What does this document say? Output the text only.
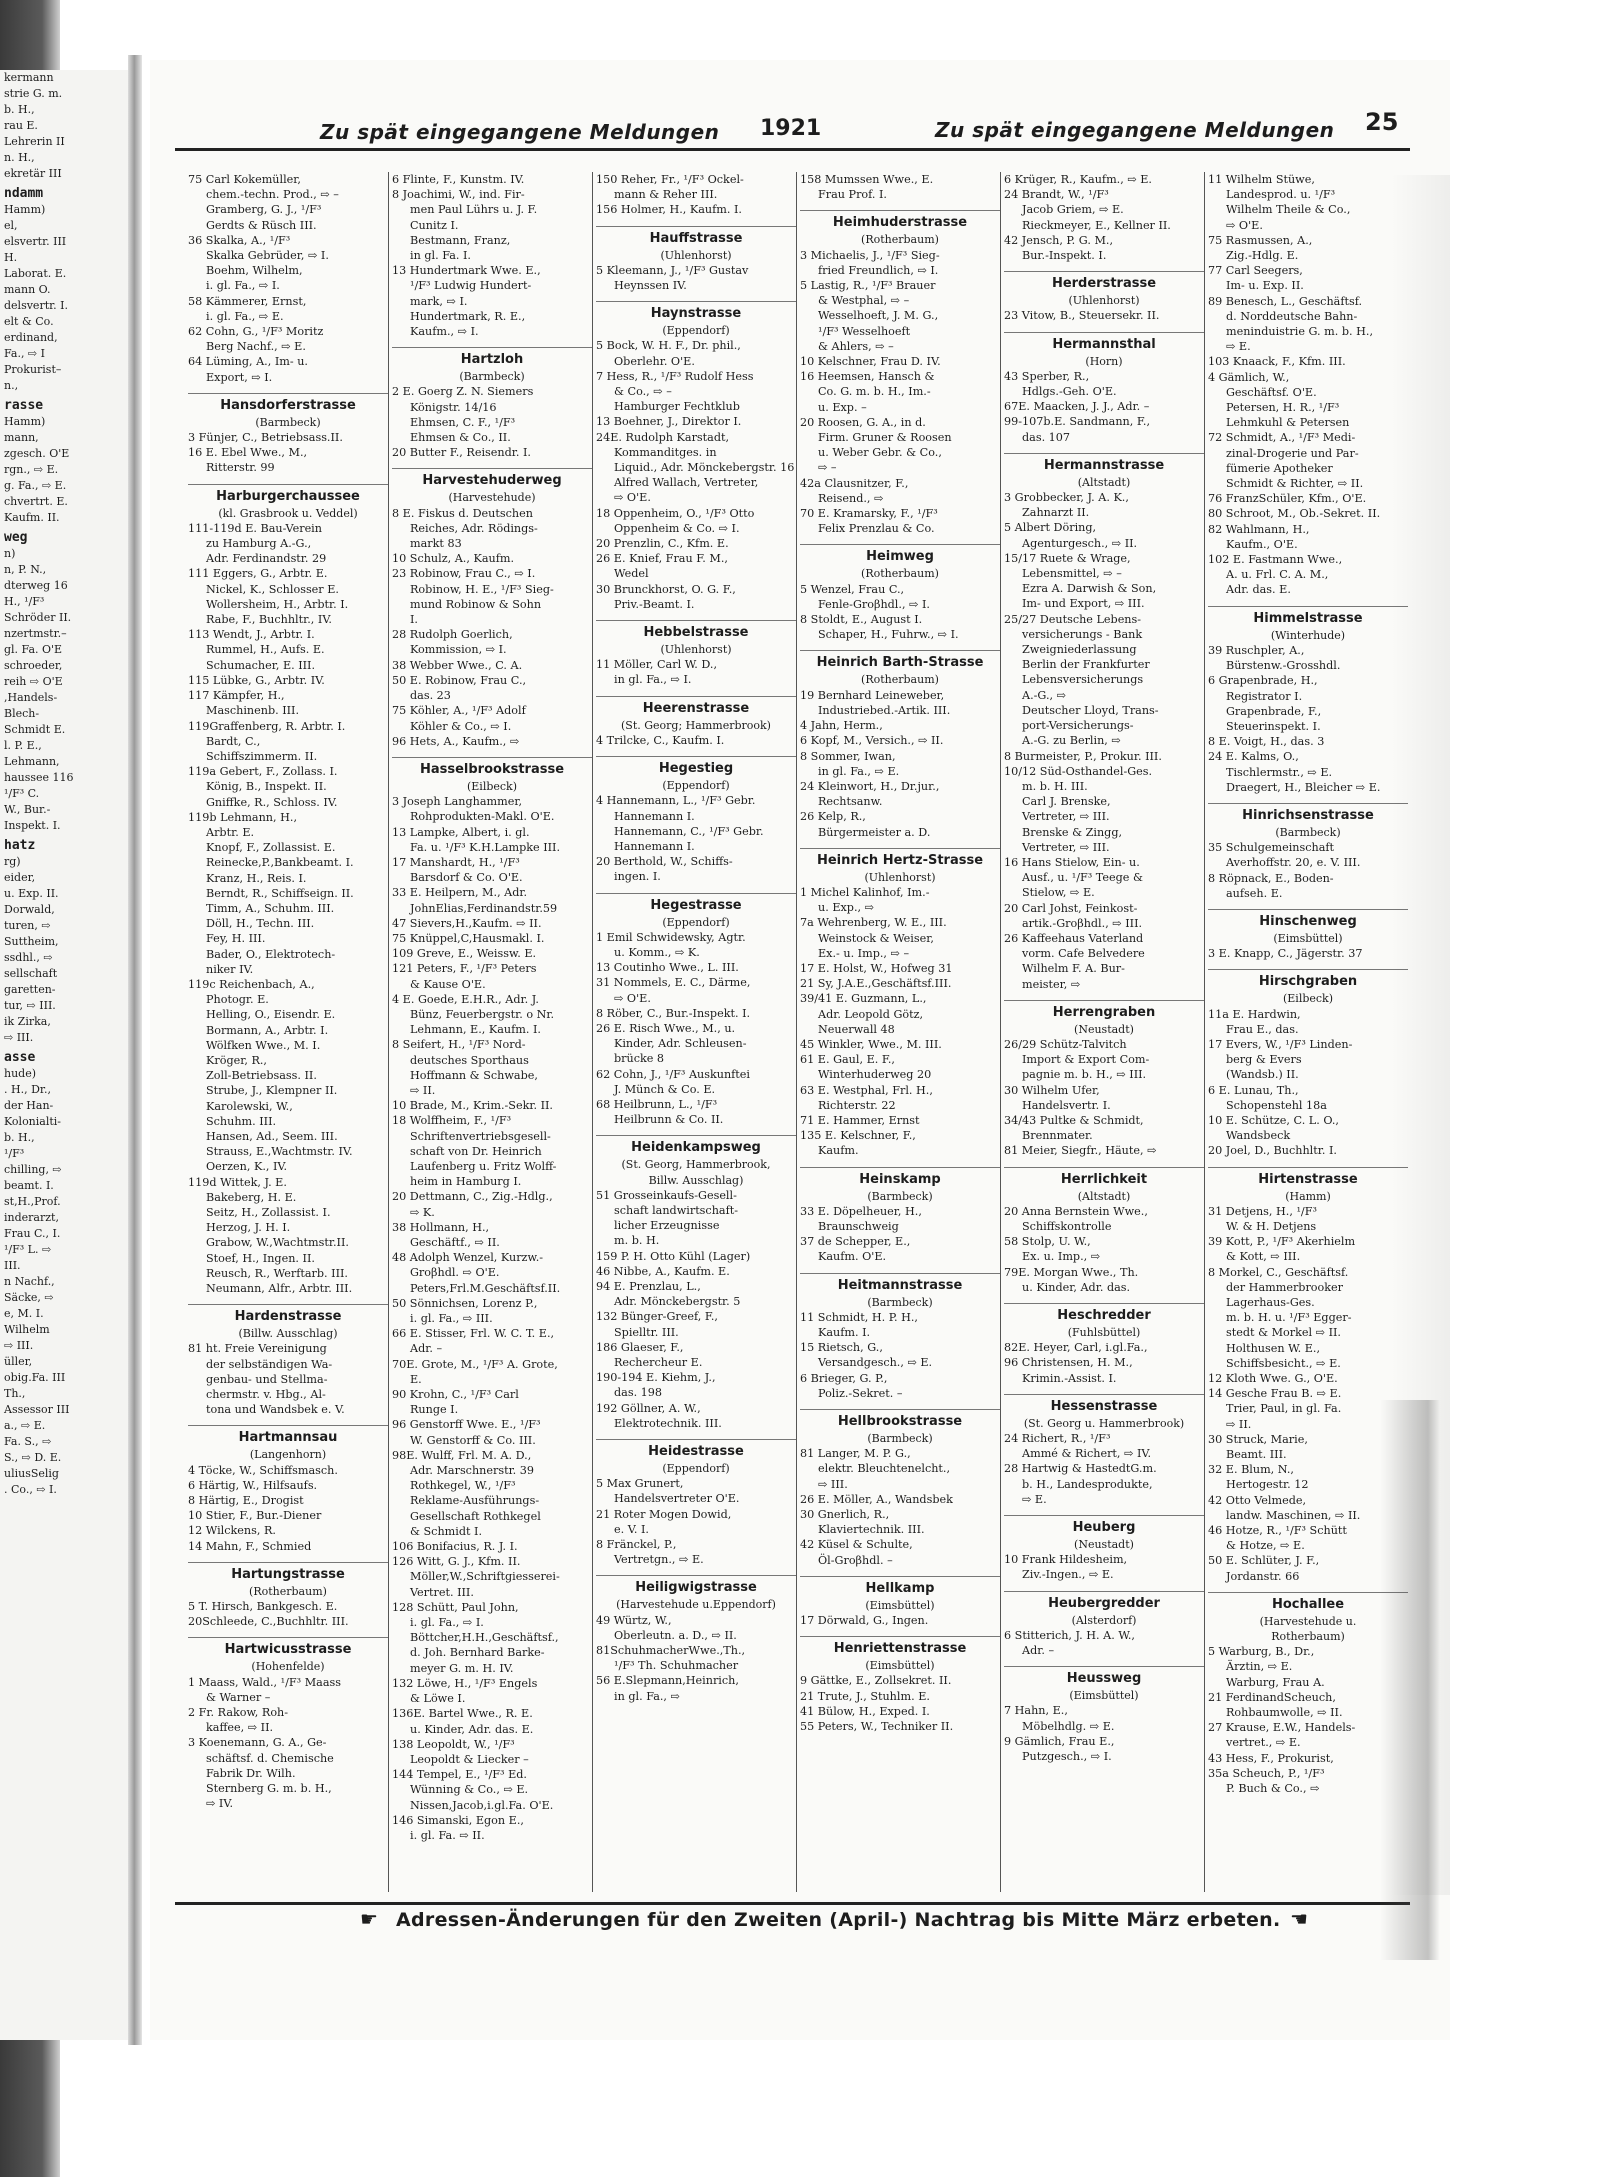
kermann
strie G. m.
b. H.,
rau E.
Lehrerin II
n. H.,
ekretär III
ndamm
Hamm)
el,
elsvertr. III
H.
Laborat. E.
mann O.
delsvertr. I.
elt & Co.
erdinand,
Fa., ⇨ I
Prokurist–
n.,
rasse
Hamm)
mann,
zgesch. O'E
rgn., ⇨ E.
g. Fa., ⇨ E.
chvertrt. E.
Kaufm. II.
weg
n)
n, P. N.,
dterweg 16
H., ¹/F³
Schröder II.
nzertmstr.–
gl. Fa. O'E
schroeder,
reih ⇨ O'E
,Handels-
Blech-
Schmidt E.
l. P. E.,
Lehmann,
haussee 116
¹/F³ C.
W., Bur.-
Inspekt. I.
hatz
rg)
eider,
u. Exp. II.
Dorwald,
turen, ⇨
Suttheim,
ssdhl., ⇨
sellschaft
garetten-
tur, ⇨ III.
ik Zirka,
⇨ III.
asse
hude)
. H., Dr.,
der Han-
Kolonialti-
b. H.,
¹/F³
chilling, ⇨
beamt. I.
st,H.,Prof.
inderarzt,
Frau C., I.
¹/F³ L. ⇨
III.
n Nachf.,
Säcke, ⇨
e, M. I.
Wilhelm
⇨ III.
üller,
obig.Fa. III
Th.,
Assessor III
a., ⇨ E.
Fa. S., ⇨
S., ⇨ D. E.
uliusSelig
. Co., ⇨ I.
Zu spät eingegangene Meldungen 1921	Zu spät eingegangene Meldungen 25
75 Carl Kokemüller,
chem.-techn. Prod., ⇨ –
Gramberg, G. J., ¹/F³
Gerdts & Rüsch III.
36 Skalka, A., ¹/F³
Skalka Gebrüder, ⇨ I.
Boehm, Wilhelm,
i. gl. Fa., ⇨ I.
58 Kämmerer, Ernst,
i. gl. Fa., ⇨ E.
62 Cohn, G., ¹/F³ Moritz
Berg Nachf., ⇨ E.
64 Lüming, A., Im- u.
Export, ⇨ I.
Hansdorferstrasse
(Barmbeck)
3 Fünjer, C., Betriebsass.II.
16 E. Ebel Wwe., M.,
Ritterstr. 99
Harburgerchaussee
(kl. Grasbrook u. Veddel)
111-119d E. Bau-Verein
zu Hamburg A.-G.,
Adr. Ferdinandstr. 29
111 Eggers, G., Arbtr. E.
Nickel, K., Schlosser E.
Wollersheim, H., Arbtr. I.
Rabe, F., Buchhltr., IV.
113 Wendt, J., Arbtr. I.
Rummel, H., Aufs. E.
Schumacher, E. III.
115 Lübke, G., Arbtr. IV.
117 Kämpfer, H.,
Maschinenb. III.
119Graffenberg, R. Arbtr. I.
Bardt, C.,
Schiffszimmerm. II.
119a Gebert, F., Zollass. I.
König, B., Inspekt. II.
Gniffke, R., Schloss. IV.
119b Lehmann, H.,
Arbtr. E.
Knopf, F., Zollassist. E.
Reinecke,P.,Bankbeamt. I.
Kranz, H., Reis. I.
Berndt, R., Schiffseign. II.
Timm, A., Schuhm. III.
Döll, H., Techn. III.
Fey, H. III.
Bader, O., Elektrotech-
niker IV.
119c Reichenbach, A.,
Photogr. E.
Helling, O., Eisendr. E.
Bormann, A., Arbtr. I.
Wölfken Wwe., M. I.
Kröger, R.,
Zoll-Betriebsass. II.
Strube, J., Klempner II.
Karolewski, W.,
Schuhm. III.
Hansen, Ad., Seem. III.
Strauss, E.,Wachtmstr. IV.
Oerzen, K., IV.
119d Wittek, J. E.
Bakeberg, H. E.
Seitz, H., Zollassist. I.
Herzog, J. H. I.
Grabow, W.,Wachtmstr.II.
Stoef, H., Ingen. II.
Reusch, R., Werftarb. III.
Neumann, Alfr., Arbtr. III.
Hardenstrasse
(Billw. Ausschlag)
81 ht. Freie Vereinigung
der selbständigen Wa-
genbau- und Stellma-
chermstr. v. Hbg., Al-
tona und Wandsbek e. V.
Hartmannsau
(Langenhorn)
4 Töcke, W., Schiffsmasch.
6 Härtig, W., Hilfsaufs.
8 Härtig, E., Drogist
10 Stier, F., Bur.-Diener
12 Wilckens, R.
14 Mahn, F., Schmied
Hartungstrasse
(Rotherbaum)
5 T. Hirsch, Bankgesch. E.
20Schleede, C.,Buchhltr. III.
Hartwicusstrasse
(Hohenfelde)
1 Maass, Wald., ¹/F³ Maass
& Warner –
2 Fr. Rakow, Roh-
kaffee, ⇨ II.
3 Koenemann, G. A., Ge-
schäftsf. d. Chemische
Fabrik Dr. Wilh.
Sternberg G. m. b. H.,
⇨ IV.
6 Flinte, F., Kunstm. IV.
8 Joachimi, W., ind. Fir-
men Paul Lührs u. J. F.
Cunitz I.
Bestmann, Franz,
in gl. Fa. I.
13 Hundertmark Wwe. E.,
¹/F³ Ludwig Hundert-
mark, ⇨ I.
Hundertmark, R. E.,
Kaufm., ⇨ I.
Hartzloh
(Barmbeck)
2 E. Goerg Z. N. Siemers
Königstr. 14/16
Ehmsen, C. F., ¹/F³
Ehmsen & Co., II.
20 Butter F., Reisendr. I.
Harvestehuderweg
(Harvestehude)
8 E. Fiskus d. Deutschen
Reiches, Adr. Rödings-
markt 83
10 Schulz, A., Kaufm.
23 Robinow, Frau C., ⇨ I.
Robinow, H. E., ¹/F³ Sieg-
mund Robinow & Sohn
I.
28 Rudolph Goerlich,
Kommission, ⇨ I.
38 Webber Wwe., C. A.
50 E. Robinow, Frau C.,
das. 23
75 Köhler, A., ¹/F³ Adolf
Köhler & Co., ⇨ I.
96 Hets, A., Kaufm., ⇨
Hasselbrookstrasse
(Eilbeck)
3 Joseph Langhammer,
Rohprodukten-Makl. O'E.
13 Lampke, Albert, i. gl.
Fa. u. ¹/F³ K.H.Lampke III.
17 Manshardt, H., ¹/F³
Barsdorf & Co. O'E.
33 E. Heilpern, M., Adr.
JohnElias,Ferdinandstr.59
47 Sievers,H.,Kaufm. ⇨ II.
75 Knüppel,C,Hausmakl. I.
109 Greve, E., Weissw. E.
121 Peters, F., ¹/F³ Peters
& Kause O'E.
4 E. Goede, E.H.R., Adr. J.
Bünz, Feuerbergstr. o Nr.
Lehmann, E., Kaufm. I.
8 Seifert, H., ¹/F³ Nord-
deutsches Sporthaus
Hoffmann & Schwabe,
⇨ II.
10 Brade, M., Krim.-Sekr. II.
18 Wolffheim, F., ¹/F³
Schriftenvertriebsgesell-
schaft von Dr. Heinrich
Laufenberg u. Fritz Wolff-
heim in Hamburg I.
20 Dettmann, C., Zig.-Hdlg.,
⇨ K.
38 Hollmann, H.,
Geschäftf., ⇨ II.
48 Adolph Wenzel, Kurzw.-
Groβhdl. ⇨ O'E.
Peters,Frl.M.Geschäftsf.II.
50 Sönnichsen, Lorenz P.,
i. gl. Fa., ⇨ III.
66 E. Stisser, Frl. W. C. T. E.,
Adr. –
70E. Grote, M., ¹/F³ A. Grote,
E.
90 Krohn, C., ¹/F³ Carl
Runge I.
96 Genstorff Wwe. E., ¹/F³
W. Genstorff & Co. III.
98E. Wulff, Frl. M. A. D.,
Adr. Marschnerstr. 39
Rothkegel, W., ¹/F³
Reklame-Ausführungs-
Gesellschaft Rothkegel
& Schmidt I.
106 Bonifacius, R. J. I.
126 Witt, G. J., Kfm. II.
Möller,W.,Schriftgiesserei-
Vertret. III.
128 Schütt, Paul John,
i. gl. Fa., ⇨ I.
Böttcher,H.H.,Geschäftsf.,
d. Joh. Bernhard Barke-
meyer G. m. H. IV.
132 Löwe, H., ¹/F³ Engels
& Löwe I.
136E. Bartel Wwe., R. E.
u. Kinder, Adr. das. E.
138 Leopoldt, W., ¹/F³
Leopoldt & Liecker –
144 Tempel, E., ¹/F³ Ed.
Wünning & Co., ⇨ E.
Nissen,Jacob,i.gl.Fa. O'E.
146 Simanski, Egon E.,
i. gl. Fa. ⇨ II.
150 Reher, Fr., ¹/F³ Ockel-
mann & Reher III.
156 Holmer, H., Kaufm. I.
Hauffstrasse
(Uhlenhorst)
5 Kleemann, J., ¹/F³ Gustav
Heynssen IV.
Haynstrasse
(Eppendorf)
5 Bock, W. H. F., Dr. phil.,
Oberlehr. O'E.
7 Hess, R., ¹/F³ Rudolf Hess
& Co., ⇨ –
Hamburger Fechtklub
13 Boehner, J., Direktor I.
24E. Rudolph Karstadt,
Kommanditges. in
Liquid., Adr. Mönckebergstr. 16
Alfred Wallach, Vertreter,
⇨ O'E.
18 Oppenheim, O., ¹/F³ Otto
Oppenheim & Co. ⇨ I.
20 Prenzlin, C., Kfm. E.
26 E. Knief, Frau F. M.,
Wedel
30 Brunckhorst, O. G. F.,
Priv.-Beamt. I.
Hebbelstrasse
(Uhlenhorst)
11 Möller, Carl W. D.,
in gl. Fa., ⇨ I.
Heerenstrasse
(St. Georg; Hammerbrook)
4 Trilcke, C., Kaufm. I.
Hegestieg
(Eppendorf)
4 Hannemann, L., ¹/F³ Gebr.
Hannemann I.
Hannemann, C., ¹/F³ Gebr.
Hannemann I.
20 Berthold, W., Schiffs-
ingen. I.
Hegestrasse
(Eppendorf)
1 Emil Schwidewsky, Agtr.
u. Komm., ⇨ K.
13 Coutinho Wwe., L. III.
31 Nommels, E. C., Därme,
⇨ O'E.
8 Röber, C., Bur.-Inspekt. I.
26 E. Risch Wwe., M., u.
Kinder, Adr. Schleusen-
brücke 8
62 Cohn, J., ¹/F³ Auskunftei
J. Münch & Co. E.
68 Heilbrunn, L., ¹/F³
Heilbrunn & Co. II.
Heidenkampsweg
(St. Georg, Hammerbrook,
Billw. Ausschlag)
51 Grosseinkaufs-Gesell-
schaft landwirtschaft-
licher Erzeugnisse
m. b. H.
159 P. H. Otto Kühl (Lager)
46 Nibbe, A., Kaufm. E.
94 E. Prenzlau, L.,
Adr. Mönckebergstr. 5
132 Bünger-Greef, F.,
Spielltr. III.
186 Glaeser, F.,
Rechercheur E.
190-194 E. Kiehm, J.,
das. 198
192 Göllner, A. W.,
Elektrotechnik. III.
Heidestrasse
(Eppendorf)
5 Max Grunert,
Handelsvertreter O'E.
21 Roter Mogen Dowid,
e. V. I.
8 Fränckel, P.,
Vertretgn., ⇨ E.
Heiligwigstrasse
(Harvestehude u.Eppendorf)
49 Würtz, W.,
Oberleutn. a. D., ⇨ II.
81SchuhmacherWwe.,Th.,
¹/F³ Th. Schuhmacher
56 E.Slepmann,Heinrich,
in gl. Fa., ⇨
158 Mumssen Wwe., E.
Frau Prof. I.
Heimhuderstrasse
(Rotherbaum)
3 Michaelis, J., ¹/F³ Sieg-
fried Freundlich, ⇨ I.
5 Lastig, R., ¹/F³ Brauer
& Westphal, ⇨ –
Wesselhoeft, J. M. G.,
¹/F³ Wesselhoeft
& Ahlers, ⇨ –
10 Kelschner, Frau D. IV.
16 Heemsen, Hansch &
Co. G. m. b. H., Im.-
u. Exp. –
20 Roosen, G. A., in d.
Firm. Gruner & Roosen
u. Weber Gebr. & Co.,
⇨ –
42a Clausnitzer, F.,
Reisend., ⇨
70 E. Kramarsky, F., ¹/F³
Felix Prenzlau & Co.
Heimweg
(Rotherbaum)
5 Wenzel, Frau C.,
Fenle-Groβhdl., ⇨ I.
8 Stoldt, E., August I.
Schaper, H., Fuhrw., ⇨ I.
Heinrich Barth-Strasse
(Rotherbaum)
19 Bernhard Leineweber,
Industriebed.-Artik. III.
4 Jahn, Herm.,
6 Kopf, M., Versich., ⇨ II.
8 Sommer, Iwan,
in gl. Fa., ⇨ E.
24 Kleinwort, H., Dr.jur.,
Rechtsanw.
26 Kelp, R.,
Bürgermeister a. D.
Heinrich Hertz-Strasse
(Uhlenhorst)
1 Michel Kalinhof, Im.-
u. Exp., ⇨
7a Wehrenberg, W. E., III.
Weinstock & Weiser,
Ex.- u. Imp., ⇨ –
17 E. Holst, W., Hofweg 31
21 Sy, J.A.E.,Geschäftsf.III.
39/41 E. Guzmann, L.,
Adr. Leopold Götz,
Neuerwall 48
45 Winkler, Wwe., M. III.
61 E. Gaul, E. F.,
Winterhuderweg 20
63 E. Westphal, Frl. H.,
Richterstr. 22
71 E. Hammer, Ernst
135 E. Kelschner, F.,
Kaufm.
Heinskamp
(Barmbeck)
33 E. Döpelheuer, H.,
Braunschweig
37 de Schepper, E.,
Kaufm. O'E.
Heitmannstrasse
(Barmbeck)
11 Schmidt, H. P. H.,
Kaufm. I.
15 Rietsch, G.,
Versandgesch., ⇨ E.
6 Brieger, G. P.,
Poliz.-Sekret. –
Hellbrookstrasse
(Barmbeck)
81 Langer, M. P. G.,
elektr. Bleuchtenelcht.,
⇨ III.
26 E. Möller, A., Wandsbek
30 Gnerlich, R.,
Klaviertechnik. III.
42 Küsel & Schulte,
Öl-Groβhdl. –
Hellkamp
(Eimsbüttel)
17 Dörwald, G., Ingen.
Henriettenstrasse
(Eimsbüttel)
9 Gättke, E., Zollsekret. II.
21 Trute, J., Stuhlm. E.
41 Bülow, H., Exped. I.
55 Peters, W., Techniker II.
6 Krüger, R., Kaufm., ⇨ E.
24 Brandt, W., ¹/F³
Jacob Griem, ⇨ E.
Rieckmeyer, E., Kellner II.
42 Jensch, P. G. M.,
Bur.-Inspekt. I.
Herderstrasse
(Uhlenhorst)
23 Vitow, B., Steuersekr. II.
Hermannsthal
(Horn)
43 Sperber, R.,
Hdlgs.-Geh. O'E.
67E. Maacken, J. J., Adr. –
99-107b.E. Sandmann, F.,
das. 107
Hermannstrasse
(Altstadt)
3 Grobbecker, J. A. K.,
Zahnarzt II.
5 Albert Döring,
Agenturgesch., ⇨ II.
15/17 Ruete & Wrage,
Lebensmittel, ⇨ –
Ezra A. Darwish & Son,
Im- und Export, ⇨ III.
25/27 Deutsche Lebens-
versicherungs - Bank
Zweigniederlassung
Berlin der Frankfurter
Lebensversicherungs
A.-G., ⇨
Deutscher Lloyd, Trans-
port-Versicherungs-
A.-G. zu Berlin, ⇨
8 Burmeister, P., Prokur. III.
10/12 Süd-Osthandel-Ges.
m. b. H. III.
Carl J. Brenske,
Vertreter, ⇨ III.
Brenske & Zingg,
Vertreter, ⇨ III.
16 Hans Stielow, Ein- u.
Ausf., u. ¹/F³ Teege &
Stielow, ⇨ E.
20 Carl Johst, Feinkost-
artik.-Groβhdl., ⇨ III.
26 Kaffeehaus Vaterland
vorm. Cafe Belvedere
Wilhelm F. A. Bur-
meister, ⇨
Herrengraben
(Neustadt)
26/29 Schütz-Talvitch
Import & Export Com-
pagnie m. b. H., ⇨ III.
30 Wilhelm Ufer,
Handelsvertr. I.
34/43 Pultke & Schmidt,
Brennmater.
81 Meier, Siegfr., Häute, ⇨
Herrlichkeit
(Altstadt)
20 Anna Bernstein Wwe.,
Schiffskontrolle
58 Stolp, U. W.,
Ex. u. Imp., ⇨
79E. Morgan Wwe., Th.
u. Kinder, Adr. das.
Heschredder
(Fuhlsbüttel)
82E. Heyer, Carl, i.gl.Fa.,
96 Christensen, H. M.,
Krimin.-Assist. I.
Hessenstrasse
(St. Georg u. Hammerbrook)
24 Richert, R., ¹/F³
Ammé & Richert, ⇨ IV.
28 Hartwig & HastedtG.m.
b. H., Landesprodukte,
⇨ E.
Heuberg
(Neustadt)
10 Frank Hildesheim,
Ziv.-Ingen., ⇨ E.
Heubergredder
(Alsterdorf)
6 Stitterich, J. H. A. W.,
Adr. –
Heussweg
(Eimsbüttel)
7 Hahn, E.,
Möbelhdlg. ⇨ E.
9 Gämlich, Frau E.,
Putzgesch., ⇨ I.
11 Wilhelm Stüwe,
Landesprod. u. ¹/F³
Wilhelm Theile & Co.,
⇨ O'E.
75 Rasmussen, A.,
Zig.-Hdlg. E.
77 Carl Seegers,
Im- u. Exp. II.
89 Benesch, L., Geschäftsf.
d. Norddeutsche Bahn-
meninduistrie G. m. b. H.,
⇨ E.
103 Knaack, F., Kfm. III.
4 Gämlich, W.,
Geschäftsf. O'E.
Petersen, H. R., ¹/F³
Lehmkuhl & Petersen
72 Schmidt, A., ¹/F³ Medi-
zinal-Drogerie und Par-
fümerie Apotheker
Schmidt & Richter, ⇨ II.
76 FranzSchüler, Kfm., O'E.
80 Schroot, M., Ob.-Sekret. II.
82 Wahlmann, H.,
Kaufm., O'E.
102 E. Fastmann Wwe.,
A. u. Frl. C. A. M.,
Adr. das. E.
Himmelstrasse
(Winterhude)
39 Ruschpler, A.,
Bürstenw.-Grosshdl.
6 Grapenbrade, H.,
Registrator I.
Grapenbrade, F.,
Steuerinspekt. I.
8 E. Voigt, H., das. 3
24 E. Kalms, O.,
Tischlermstr., ⇨ E.
Draegert, H., Bleicher ⇨ E.
Hinrichsenstrasse
(Barmbeck)
35 Schulgemeinschaft
Averhoffstr. 20, e. V. III.
8 Röpnack, E., Boden-
aufseh. E.
Hinschenweg
(Eimsbüttel)
3 E. Knapp, C., Jägerstr. 37
Hirschgraben
(Eilbeck)
11a E. Hardwin,
Frau E., das.
17 Evers, W., ¹/F³ Linden-
berg & Evers
(Wandsb.) II.
6 E. Lunau, Th.,
Schopenstehl 18a
10 E. Schütze, C. L. O.,
Wandsbeck
20 Joel, D., Buchhltr. I.
Hirtenstrasse
(Hamm)
31 Detjens, H., ¹/F³
W. & H. Detjens
39 Kott, P., ¹/F³ Akerhielm
& Kott, ⇨ III.
8 Morkel, C., Geschäftsf.
der Hammerbrooker
Lagerhaus-Ges.
m. b. H. u. ¹/F³ Egger-
stedt & Morkel ⇨ II.
Holthusen W. E.,
Schiffsbesicht., ⇨ E.
12 Kloth Wwe. G., O'E.
14 Gesche Frau B. ⇨ E.
Trier, Paul, in gl. Fa.
⇨ II.
30 Struck, Marie,
Beamt. III.
32 E. Blum, N.,
Hertogestr. 12
42 Otto Velmede,
landw. Maschinen, ⇨ II.
46 Hotze, R., ¹/F³ Schütt
& Hotze, ⇨ E.
50 E. Schlüter, J. F.,
Jordanstr. 66
Hochallee
(Harvestehude u.
Rotherbaum)
5 Warburg, B., Dr.,
Ärztin, ⇨ E.
Warburg, Frau A.
21 FerdinandScheuch,
Rohbaumwolle, ⇨ II.
27 Krause, E.W., Handels-
vertret., ⇨ E.
43 Hess, F., Prokurist,
35a Scheuch, P., ¹/F³
P. Buch & Co., ⇨
☛ Adressen-Änderungen für den Zweiten (April-) Nachtrag bis Mitte März erbeten. ☛
